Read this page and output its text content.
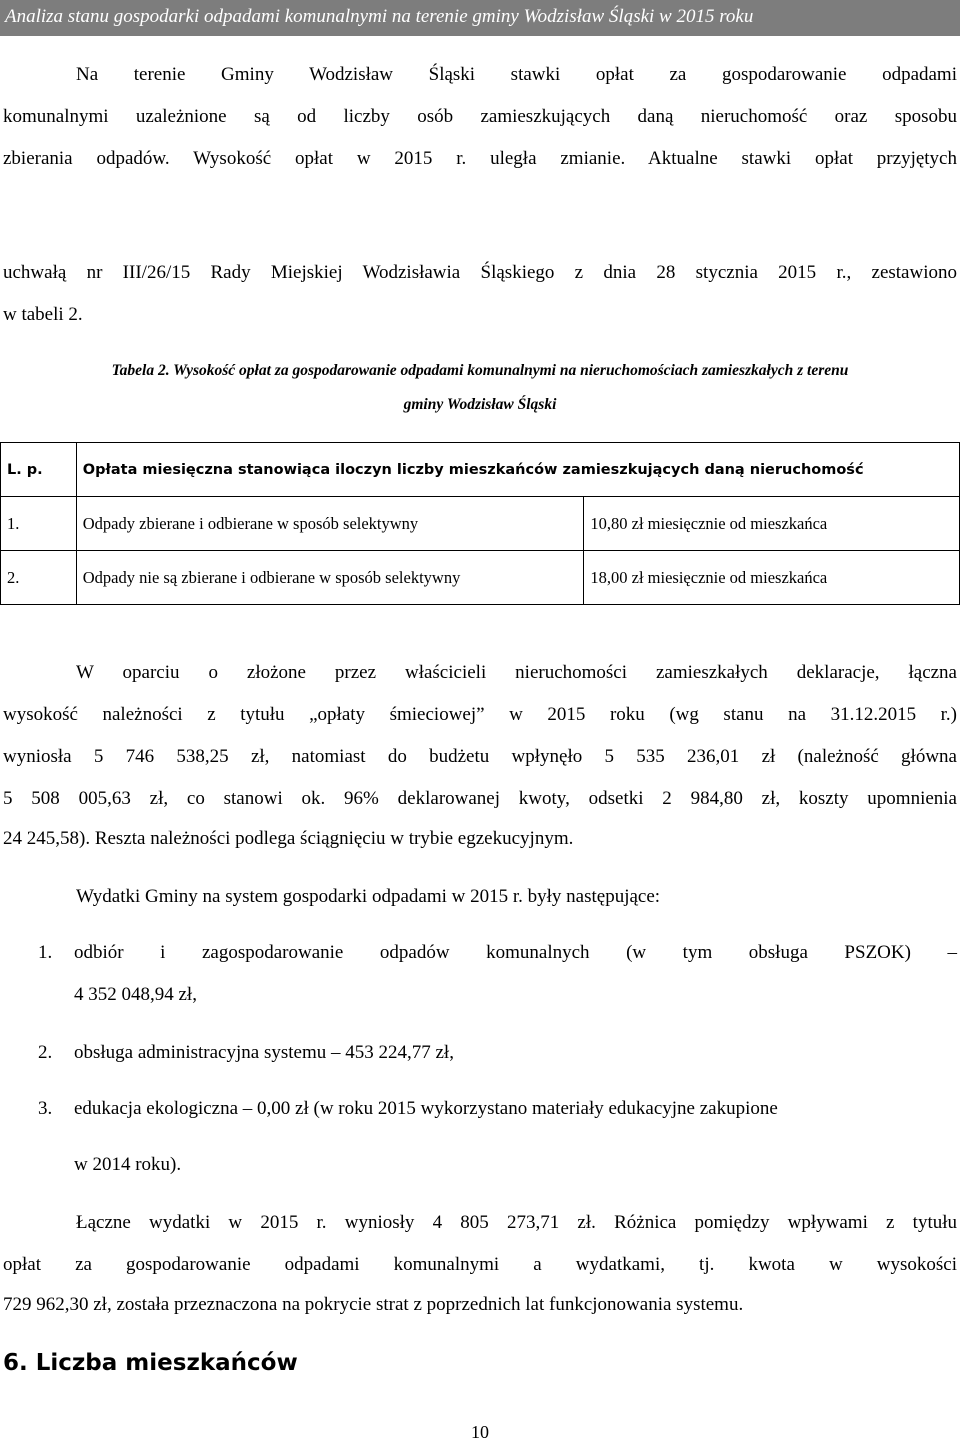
Analiza stanu gospodarki odpadami komunalnymi na terenie gminy Wodzisław Śląski w 2015 roku
Na terenie Gminy Wodzisław Śląski stawki opłat za gospodarowanie odpadami
komunalnymi uzależnione są od liczby osób zamieszkujących daną nieruchomość oraz sposobu
zbierania odpadów. Wysokość opłat w 2015 r. uległa zmianie. Aktualne stawki opłat przyjętych
uchwałą nr III/26/15 Rady Miejskiej Wodzisławia Śląskiego z dnia 28 stycznia 2015 r., zestawiono
w tabeli 2.
Tabela 2. Wysokość opłat za gospodarowanie odpadami komunalnymi na nieruchomościach zamieszkałych z terenu
gminy Wodzisław Śląski
L. p.	Opłata miesięczna stanowiąca iloczyn liczby mieszkańców zamieszkujących daną nieruchomość	
1.	Odpady zbierane i odbierane w sposób selektywny	10,80 zł miesięcznie od mieszkańca
2.	Odpady nie są zbierane i odbierane w sposób selektywny	18,00 zł miesięcznie od mieszkańca
W oparciu o złożone przez właścicieli nieruchomości zamieszkałych deklaracje, łączna
wysokość należności z tytułu „opłaty śmieciowej” w 2015 roku (wg stanu na 31.12.2015 r.)
wyniosła 5 746 538,25 zł, natomiast do budżetu wpłynęło 5 535 236,01 zł (należność główna
5 508 005,63 zł, co stanowi ok. 96% deklarowanej kwoty, odsetki 2 984,80 zł, koszty upomnienia
24 245,58). Reszta należności podlega ściągnięciu w trybie egzekucyjnym.
Wydatki Gminy na system gospodarki odpadami w 2015 r. były następujące:
1. odbiór i zagospodarowanie odpadów komunalnych (w tym obsługa PSZOK) –
4 352 048,94 zł,
2. obsługa administracyjna systemu – 453 224,77 zł,
3. edukacja ekologiczna – 0,00 zł (w roku 2015 wykorzystano materiały edukacyjne zakupione
w 2014 roku).
Łączne wydatki w 2015 r. wyniosły 4 805 273,71 zł. Różnica pomiędzy wpływami z tytułu
opłat za gospodarowanie odpadami komunalnymi a wydatkami, tj. kwota w wysokości
729 962,30 zł, została przeznaczona na pokrycie strat z poprzednich lat funkcjonowania systemu.
6. Liczba mieszkańców
10
